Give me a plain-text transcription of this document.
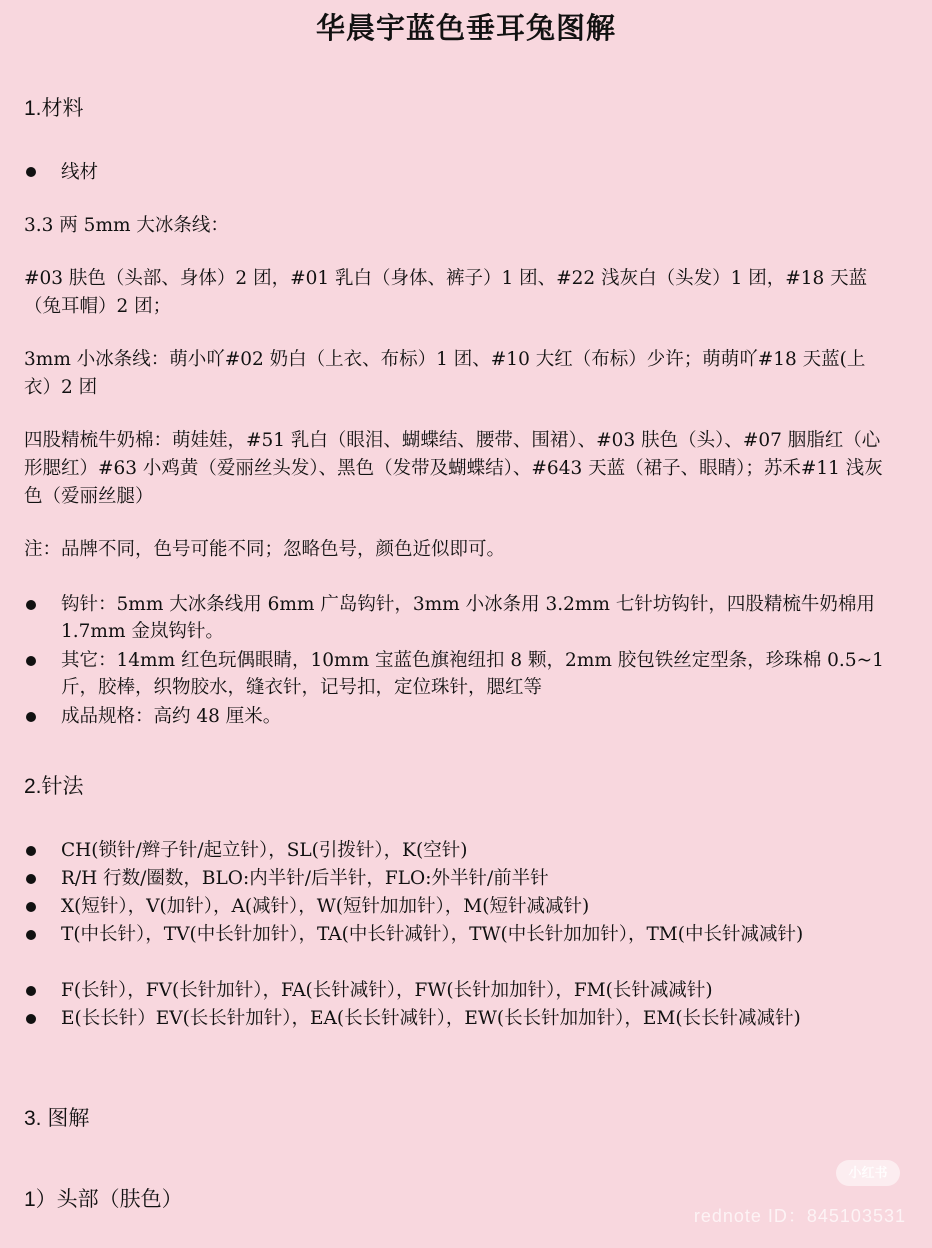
华晨宇蓝色垂耳兔图解
1.材料
线材
3.3 两 5mm 大冰条线：
#03 肤色（头部、身体）2 团，#01 乳白（身体、裤子）1 团、#22 浅灰白（头发）1 团，#18 天蓝（兔耳帽）2 团；
3mm 小冰条线：萌小吖#02 奶白（上衣、布标）1 团、#10 大红（布标）少许；萌萌吖#18 天蓝(上衣）2 团
四股精梳牛奶棉：萌娃娃，#51 乳白（眼泪、蝴蝶结、腰带、围裙）、#03 肤色（头）、#07 胭脂红（心形腮红）#63 小鸡黄（爱丽丝头发）、黑色（发带及蝴蝶结）、#643 天蓝（裙子、眼睛）；苏禾#11 浅灰色（爱丽丝腿）
注：品牌不同，色号可能不同；忽略色号，颜色近似即可。
钩针：5mm 大冰条线用 6mm 广岛钩针，3mm 小冰条用 3.2mm 七针坊钩针，四股精梳牛奶棉用 1.7mm 金岚钩针。
其它：14mm 红色玩偶眼睛，10mm 宝蓝色旗袍纽扣 8 颗，2mm 胶包铁丝定型条，珍珠棉 0.5~1 斤，胶棒，织物胶水，缝衣针，记号扣，定位珠针，腮红等
成品规格：高约 48 厘米。
2.针法
CH(锁针/辫子针/起立针），SL(引拨针），K(空针)
R/H 行数/圈数，BLO:内半针/后半针，FLO:外半针/前半针
X(短针），V(加针），A(减针），W(短针加加针），M(短针减减针)
T(中长针），TV(中长针加针），TA(中长针减针），TW(中长针加加针），TM(中长针减减针)
F(长针），FV(长针加针），FA(长针减针），FW(长针加加针），FM(长针减减针)
E(长长针）EV(长长针加针），EA(长长针减针），EW(长长针加加针），EM(长长针减减针)
3. 图解
1）头部（肤色）
小红书
rednote ID：845103531
